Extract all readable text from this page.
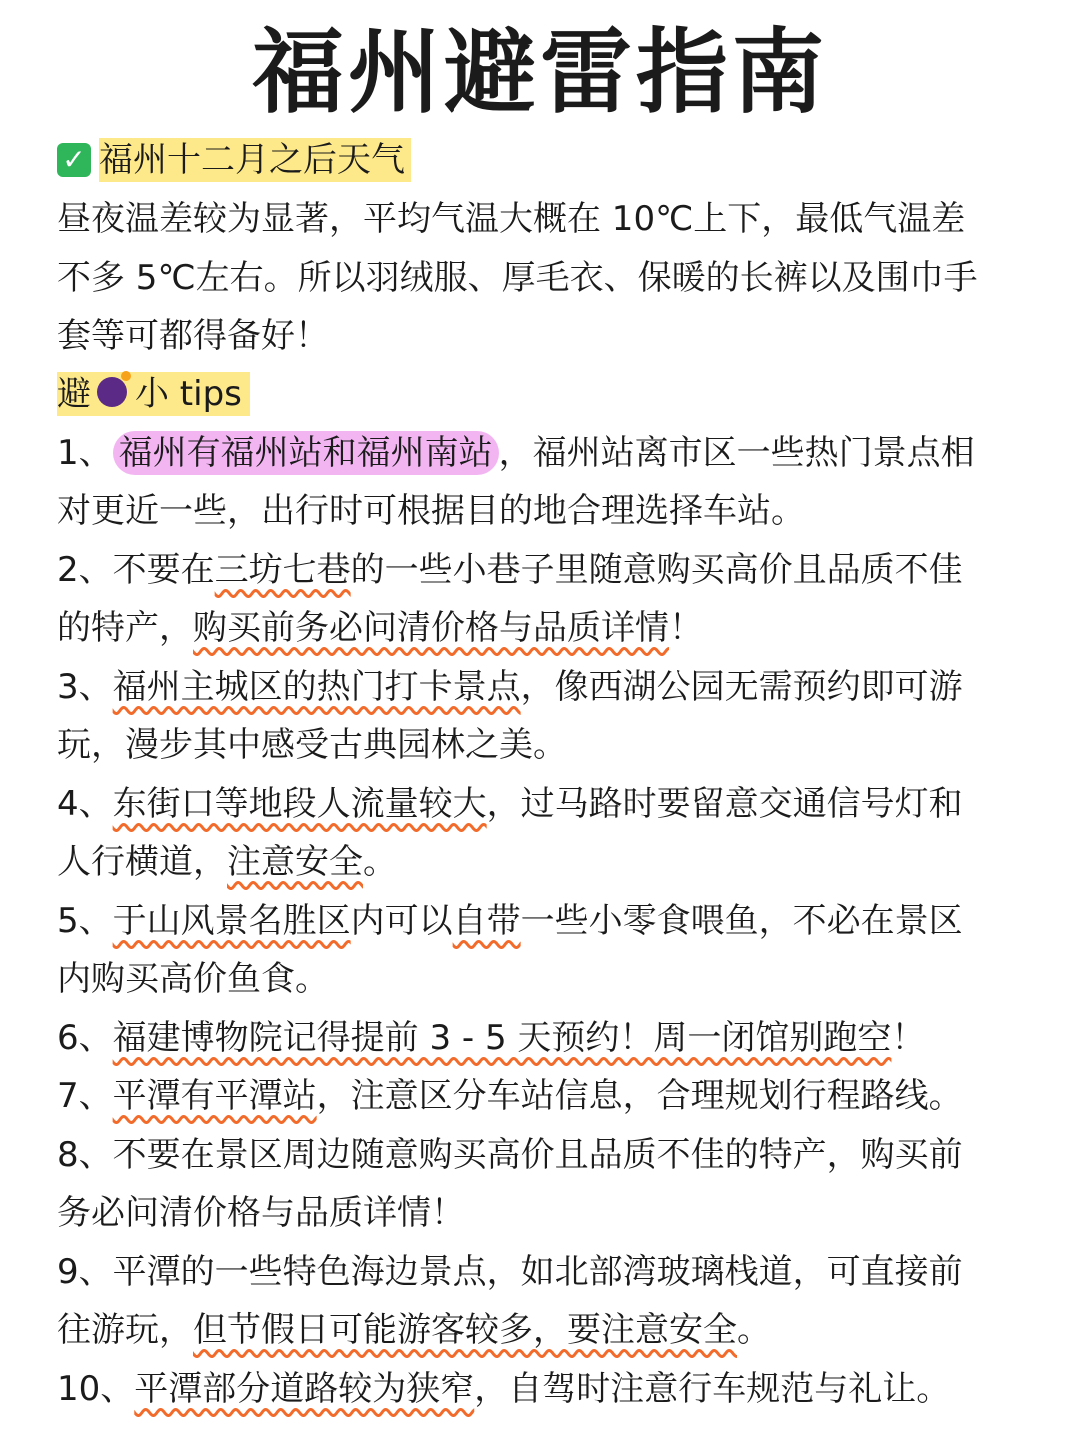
福州避雷指南
✓ 福州十二月之后天气
昼夜温差较为显著，平均气温大概在 10℃上下，最低气温差
不多 5℃左右。所以羽绒服、厚毛衣、保暖的长裤以及围巾手
套等可都得备好！
避 小 tips
1、 福州有福州站和福州南站 ，福州站离市区一些热门景点相
对更近一些，出行时可根据目的地合理选择车站。
2、不要在三坊七巷的一些小巷子里随意购买高价且品质不佳
的特产，购买前务必问清价格与品质详情！
3、福州主城区的热门打卡景点，像西湖公园无需预约即可游
玩，漫步其中感受古典园林之美。
4、东街口等地段人流量较大，过马路时要留意交通信号灯和
人行横道，注意安全。
5、于山风景名胜区内可以自带一些小零食喂鱼，不必在景区
内购买高价鱼食。
6、福建博物院记得提前 3 - 5 天预约！周一闭馆别跑空！
7、平潭有平潭站，注意区分车站信息，合理规划行程路线。
8、不要在景区周边随意购买高价且品质不佳的特产，购买前
务必问清价格与品质详情！
9、平潭的一些特色海边景点，如北部湾玻璃栈道，可直接前
往游玩，但节假日可能游客较多，要注意安全。
10、平潭部分道路较为狭窄，自驾时注意行车规范与礼让。
